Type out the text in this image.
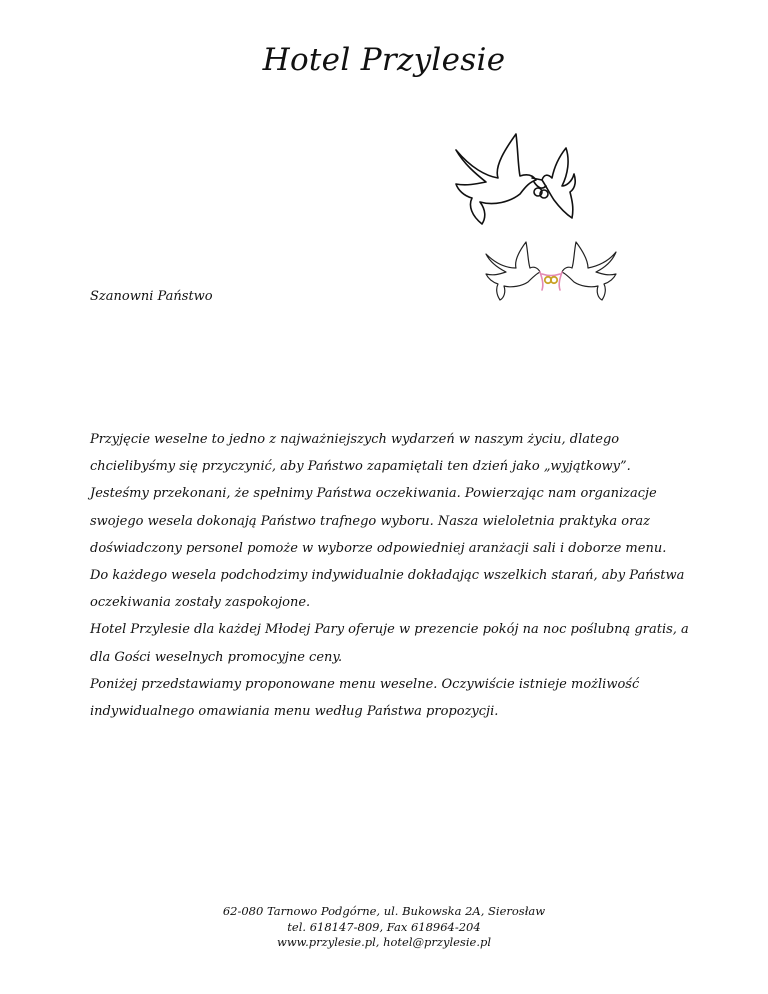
Hotel Przylesie
Szanowni Państwo

Przyjęcie weselne to jedno z najważniejszych wydarzeń w naszym życiu, dlatego chcielibyśmy się przyczynić, aby Państwo zapamiętali ten dzień jako „wyjątkowy”.

Jesteśmy przekonani, że spełnimy Państwa oczekiwania. Powierzając nam organizacje swojego wesela dokonają Państwo trafnego wyboru. Nasza wieloletnia praktyka oraz doświadczony personel pomoże w wyborze odpowiedniej aranżacji sali i doborze menu.

Do każdego wesela podchodzimy indywidualnie dokładając wszelkich starań, aby Państwa oczekiwania zostały zaspokojone.

Hotel Przylesie dla każdej Młodej Pary oferuje w prezencie pokój na noc poślubną gratis, a dla Gości weselnych promocyjne ceny.

Poniżej przedstawiamy proponowane menu weselne. Oczywiście istnieje możliwość indywidualnego omawiania menu według Państwa propozycji.

62-080 Tarnowo Podgórne, ul. Bukowska 2A, Sierosław
tel. 618147-809, Fax 618964-204
www.przylesie.pl, hotel@przylesie.pl
